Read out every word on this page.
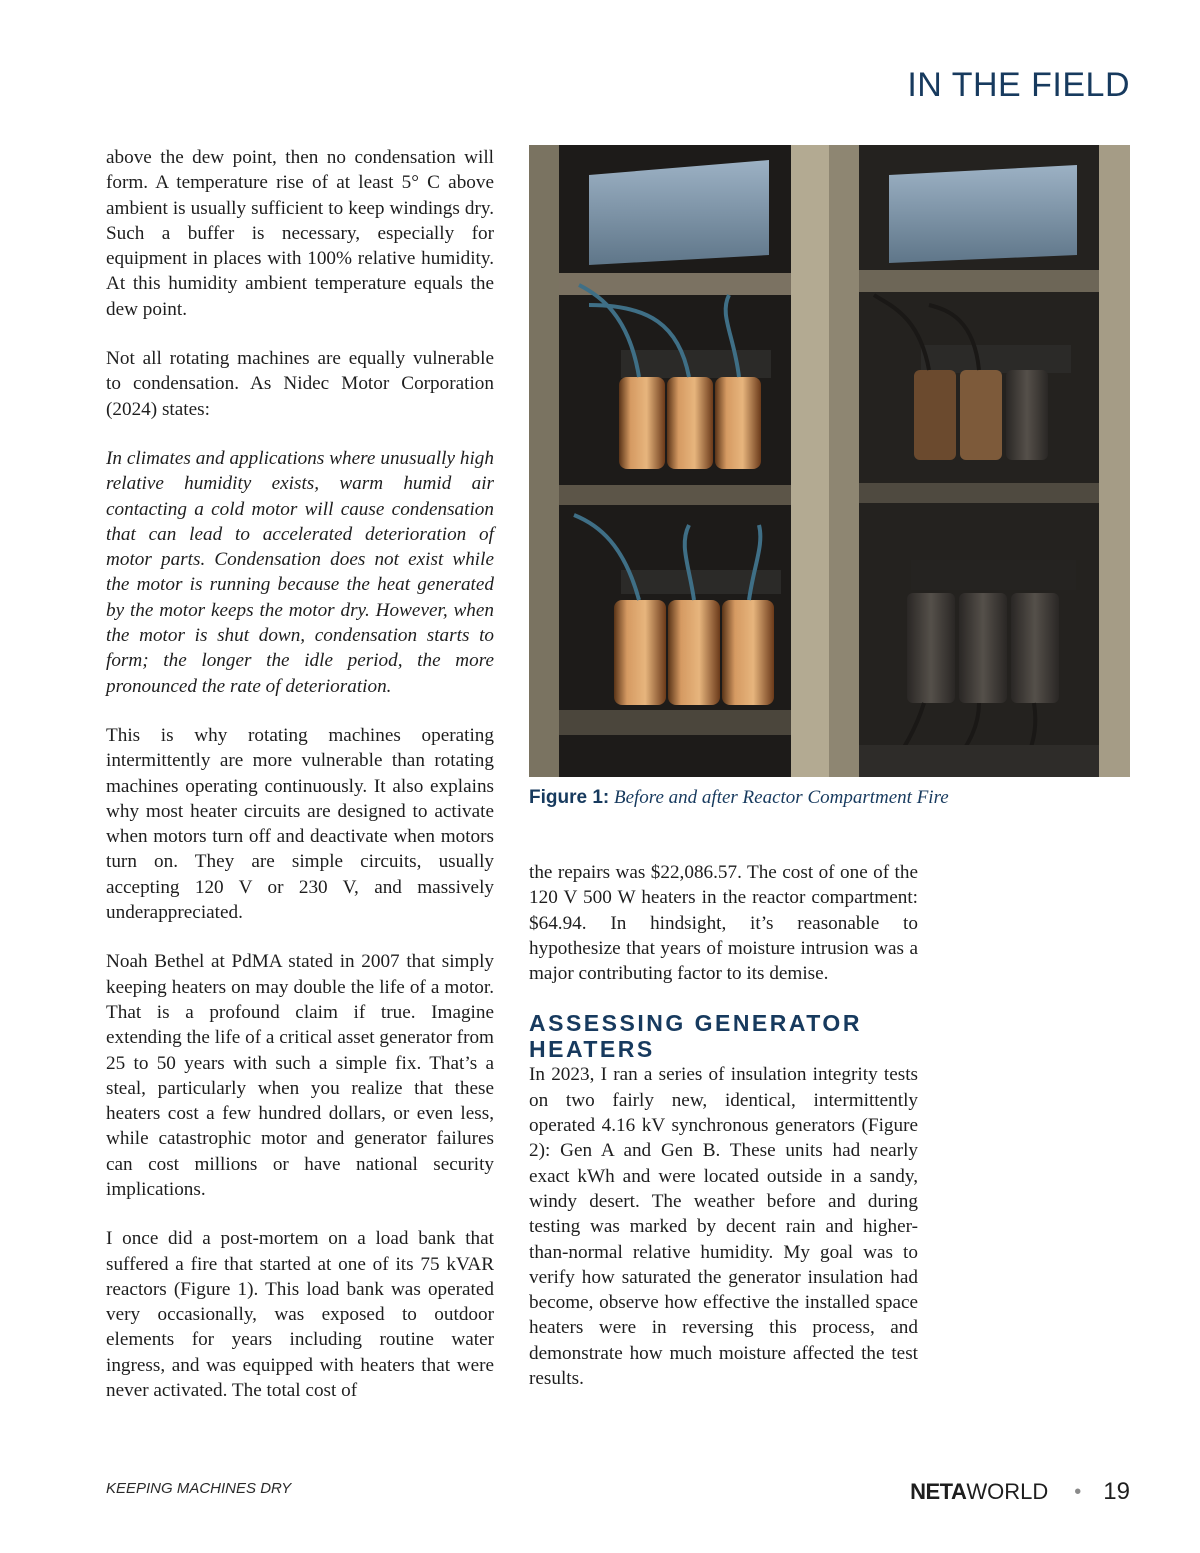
IN THE FIELD

above the dew point, then no condensation will form. A temperature rise of at least 5° C above ambient is usually sufficient to keep windings dry. Such a buffer is necessary, especially for equipment in places with 100% relative humidity. At this humidity ambient temperature equals the dew point.

Not all rotating machines are equally vulnerable to condensation. As Nidec Motor Corporation (2024) states:

In climates and applications where unusually high relative humidity exists, warm humid air contacting a cold motor will cause condensation that can lead to accelerated deterioration of motor parts. Condensation does not exist while the motor is running because the heat generated by the motor keeps the motor dry. However, when the motor is shut down, condensation starts to form; the longer the idle period, the more pronounced the rate of deterioration.

This is why rotating machines operating intermittently are more vulnerable than rotating machines operating continuously. It also explains why most heater circuits are designed to activate when motors turn off and deactivate when motors turn on. They are simple circuits, usually accepting 120 V or 230 V, and massively underappreciated.

Noah Bethel at PdMA stated in 2007 that simply keeping heaters on may double the life of a motor. That is a profound claim if true. Imagine extending the life of a critical asset generator from 25 to 50 years with such a simple fix. That’s a steal, particularly when you realize that these heaters cost a few hundred dollars, or even less, while catastrophic motor and generator failures can cost millions or have national security implications.

I once did a post-mortem on a load bank that suffered a fire that started at one of its 75 kVAR reactors (Figure 1). This load bank was operated very occasionally, was exposed to outdoor elements for years including routine water ingress, and was equipped with heaters that were never activated. The total cost of

Figure 1: Before and after Reactor Compartment Fire

the repairs was $22,086.57. The cost of one of the 120 V 500 W heaters in the reactor compartment: $64.94. In hindsight, it’s reasonable to hypothesize that years of moisture intrusion was a major contributing factor to its demise.

ASSESSING GENERATOR HEATERS

In 2023, I ran a series of insulation integrity tests on two fairly new, identical, intermittently operated 4.16 kV synchronous generators (Figure 2): Gen A and Gen B. These units had nearly exact kWh and were located outside in a sandy, windy desert. The weather before and during testing was marked by decent rain and higher-than-normal relative humidity. My goal was to verify how saturated the generator insulation had become, observe how effective the installed space heaters were in reversing this process, and demonstrate how much moisture affected the test results.

KEEPING MACHINES DRY	NETA WORLD • 19
